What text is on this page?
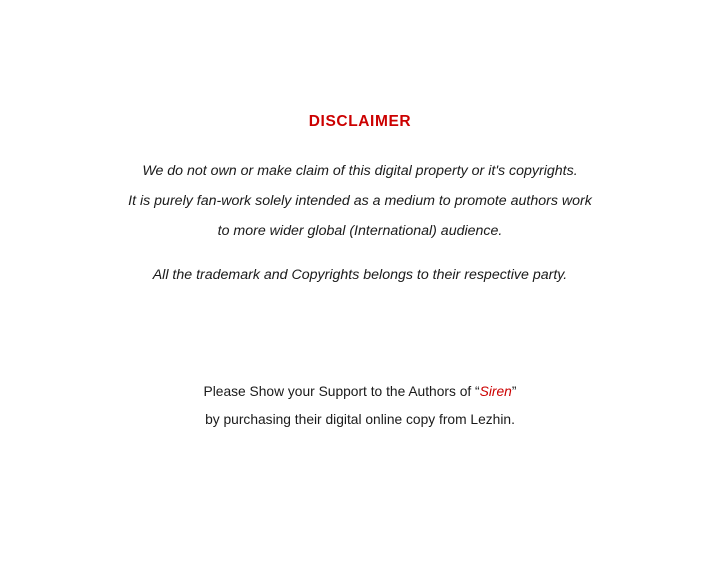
DISCLAIMER

We do not own or make claim of this digital property or it's copyrights.

It is purely fan-work solely intended as a medium to promote authors work

to more wider global (International) audience.

All the trademark and Copyrights belongs to their respective party.

Please Show your Support to the Authors of “Siren”

by purchasing their digital online copy from Lezhin.
